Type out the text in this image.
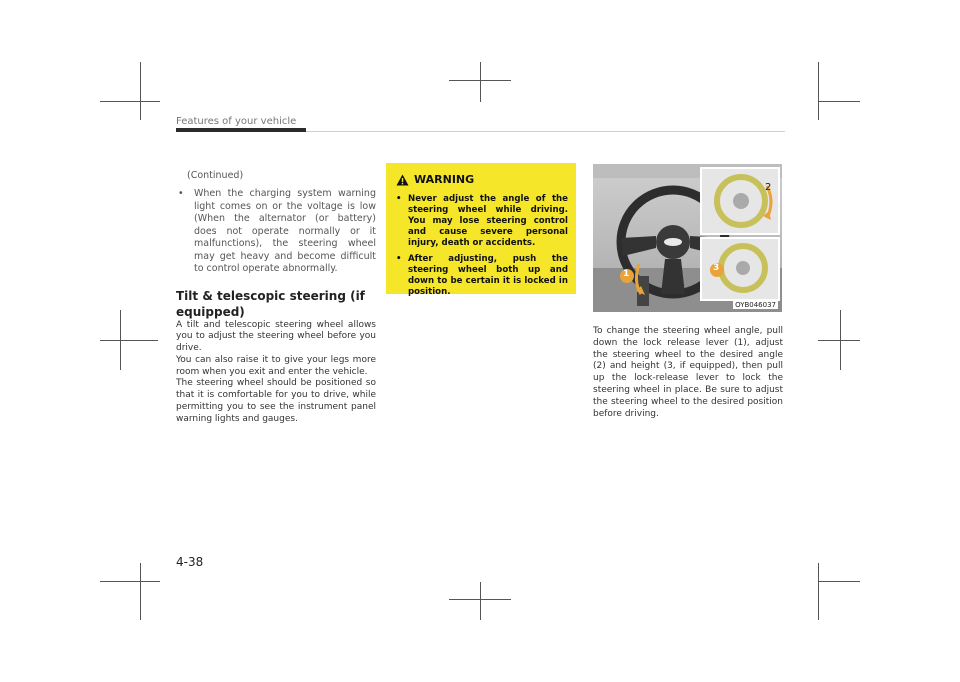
Features of your vehicle
(Continued)
•	When the charging system warning light comes on or the voltage is low (When the alternator (or battery) does not operate normally or it malfunctions), the steering wheel may get heavy and become difficult to control operate abnormally.
Tilt & telescopic steering (if equipped)

A tilt and telescopic steering wheel allows you to adjust the steering wheel before you drive.

You can also raise it to give your legs more room when you exit and enter the vehicle.

The steering wheel should be positioned so that it is comfortable for you to drive, while permitting you to see the instrument panel warning lights and gauges.

WARNING
• Never adjust the angle of the steering wheel while driving. You may lose steering control and cause severe personal injury, death or accidents.
• After adjusting, push the steering wheel both up and down to be certain it is locked in position.
1
2
3
OYB046037

To change the steering wheel angle, pull down the lock release lever (1), adjust the steering wheel to the desired angle (2) and height (3, if equipped), then pull up the lock-release lever to lock the steering wheel in place. Be sure to adjust the steering wheel to the desired position before driving.

4-38
